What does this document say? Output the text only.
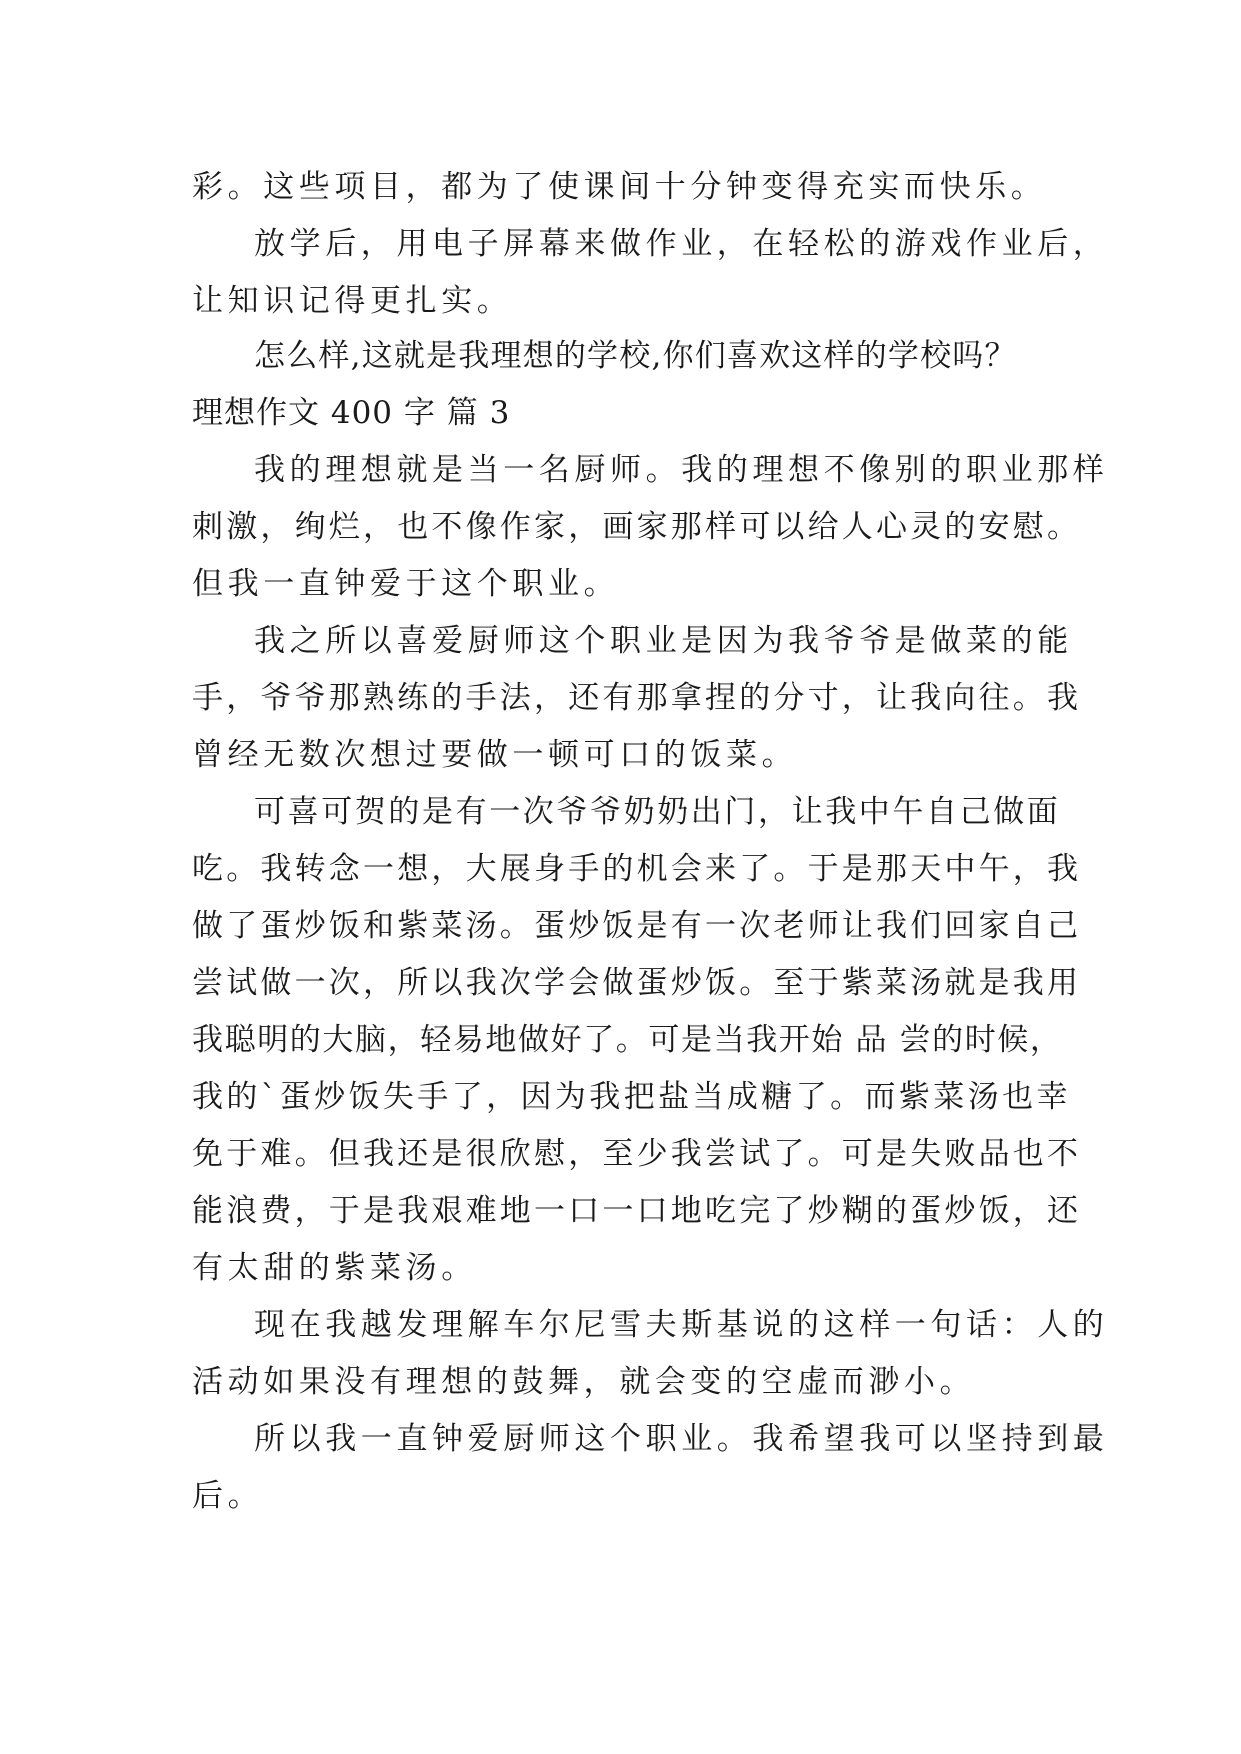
彩。这些项目，都为了使课间十分钟变得充实而快乐。
放学后，用电子屏幕来做作业，在轻松的游戏作业后，
让知识记得更扎实。
怎么样,这就是我理想的学校,你们喜欢这样的学校吗？
理想作文 400 字 篇 3
我的理想就是当一名厨师。我的理想不像别的职业那样
刺激，绚烂，也不像作家，画家那样可以给人心灵的安慰。
但我一直钟爱于这个职业。
我之所以喜爱厨师这个职业是因为我爷爷是做菜的能
手，爷爷那熟练的手法，还有那拿捏的分寸，让我向往。我
曾经无数次想过要做一顿可口的饭菜。
可喜可贺的是有一次爷爷奶奶出门，让我中午自己做面
吃。我转念一想，大展身手的机会来了。于是那天中午，我
做了蛋炒饭和紫菜汤。蛋炒饭是有一次老师让我们回家自己
尝试做一次，所以我次学会做蛋炒饭。至于紫菜汤就是我用
我聪明的大脑，轻易地做好了。可是当我开始 品 尝的时候，
我的`蛋炒饭失手了，因为我把盐当成糖了。而紫菜汤也幸
免于难。但我还是很欣慰，至少我尝试了。可是失败品也不
能浪费，于是我艰难地一口一口地吃完了炒糊的蛋炒饭，还
有太甜的紫菜汤。
现在我越发理解车尔尼雪夫斯基说的这样一句话：人的
活动如果没有理想的鼓舞，就会变的空虚而渺小。
所以我一直钟爱厨师这个职业。我希望我可以坚持到最
后。
